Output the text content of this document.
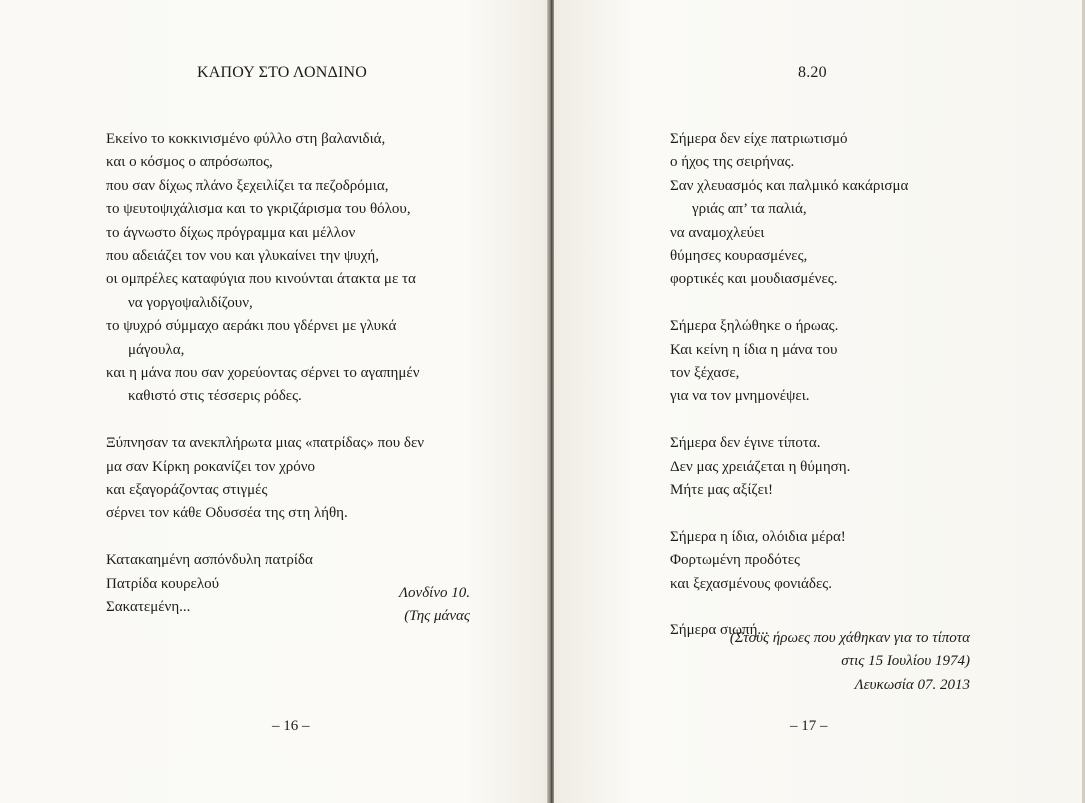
ΚΑΠΟΥ ΣΤΟ ΛΟΝΔΙΝΟ
Εκείνο το κοκκινισμένο φύλλο στη βαλανιδιά,
και ο κόσμος ο απρόσωπος,
που σαν δίχως πλάνο ξεχειλίζει τα πεζοδρόμια,
το ψευτοψιχάλισμα και το γκριζάρισμα του θόλου,
το άγνωστο δίχως πρόγραμμα και μέλλον
που αδειάζει τον νου και γλυκαίνει την ψυχή,
οι ομπρέλες καταφύγια που κινούνται άτακτα με τα
να γοργοψαλιδίζουν,
το ψυχρό σύμμαχο αεράκι που γδέρνει με γλυκά
μάγουλα,
και η μάνα που σαν χορεύοντας σέρνει το αγαπημέν
καθιστό στις τέσσερις ρόδες.
Ξύπνησαν τα ανεκπλήρωτα μιας «πατρίδας» που δεν
μα σαν Κίρκη ροκανίζει τον χρόνο
και εξαγοράζοντας στιγμές
σέρνει τον κάθε Οδυσσέα της στη λήθη.
Κατακαημένη ασπόνδυλη πατρίδα
Πατρίδα κουρελού
Σακατεμένη...
Λονδίνο 10.
(Της μάνας
– 16 –
8.20
Σήμερα δεν είχε πατριωτισμό
ο ήχος της σειρήνας.
Σαν χλευασμός και παλμικό κακάρισμα
γριάς απ’ τα παλιά,
να αναμοχλεύει
θύμησες κουρασμένες,
φορτικές και μουδιασμένες.
Σήμερα ξηλώθηκε ο ήρωας.
Και κείνη η ίδια η μάνα του
τον ξέχασε,
για να τον μνημονέψει.
Σήμερα δεν έγινε τίποτα.
Δεν μας χρειάζεται η θύμηση.
Μήτε μας αξίζει!
Σήμερα η ίδια, ολόιδια μέρα!
Φορτωμένη προδότες
και ξεχασμένους φονιάδες.
Σήμερα σιωπή...
(Στους ήρωες που χάθηκαν για το τίποτα
στις 15 Ιουλίου 1974)
Λευκωσία 07. 2013
– 17 –
